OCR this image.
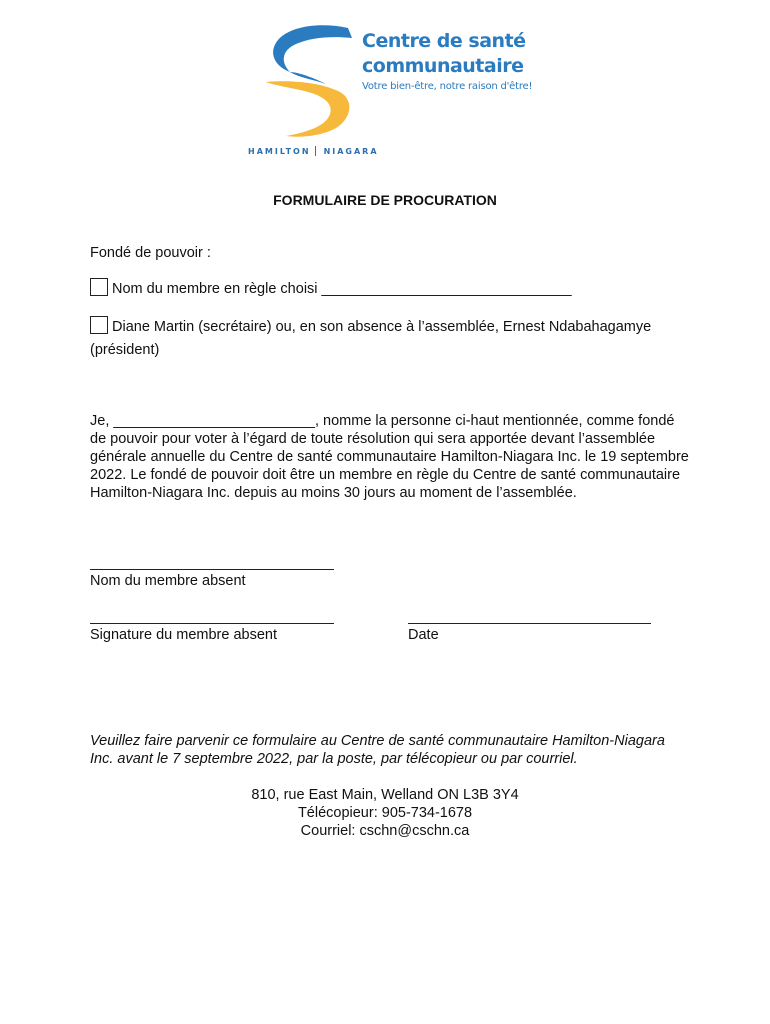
Centre de santé
communautaire
Votre bien-être, notre raison d'être!
HAMILTON NIAGARA
FORMULAIRE DE PROCURATION
Fondé de pouvoir :
Nom du membre en règle choisi _______________________________
Diane Martin (secrétaire) ou, en son absence à l’assemblée, Ernest Ndabahagamye
(président)
Je, _________________________, nomme la personne ci-haut mentionnée, comme fondé de pouvoir pour voter à l’égard de toute résolution qui sera apportée devant l’assemblée générale annuelle du Centre de santé communautaire Hamilton-Niagara Inc. le 19 septembre 2022. Le fondé de pouvoir doit être un membre en règle du Centre de santé communautaire Hamilton-Niagara Inc. depuis au moins 30 jours au moment de l’assemblée.
Nom du membre absent
Signature du membre absent	Date
Veuillez faire parvenir ce formulaire au Centre de santé communautaire Hamilton-Niagara Inc. avant le 7 septembre 2022, par la poste, par télécopieur ou par courriel.
810, rue East Main, Welland ON L3B 3Y4
Télécopieur: 905-734-1678
Courriel: cschn@cschn.ca
